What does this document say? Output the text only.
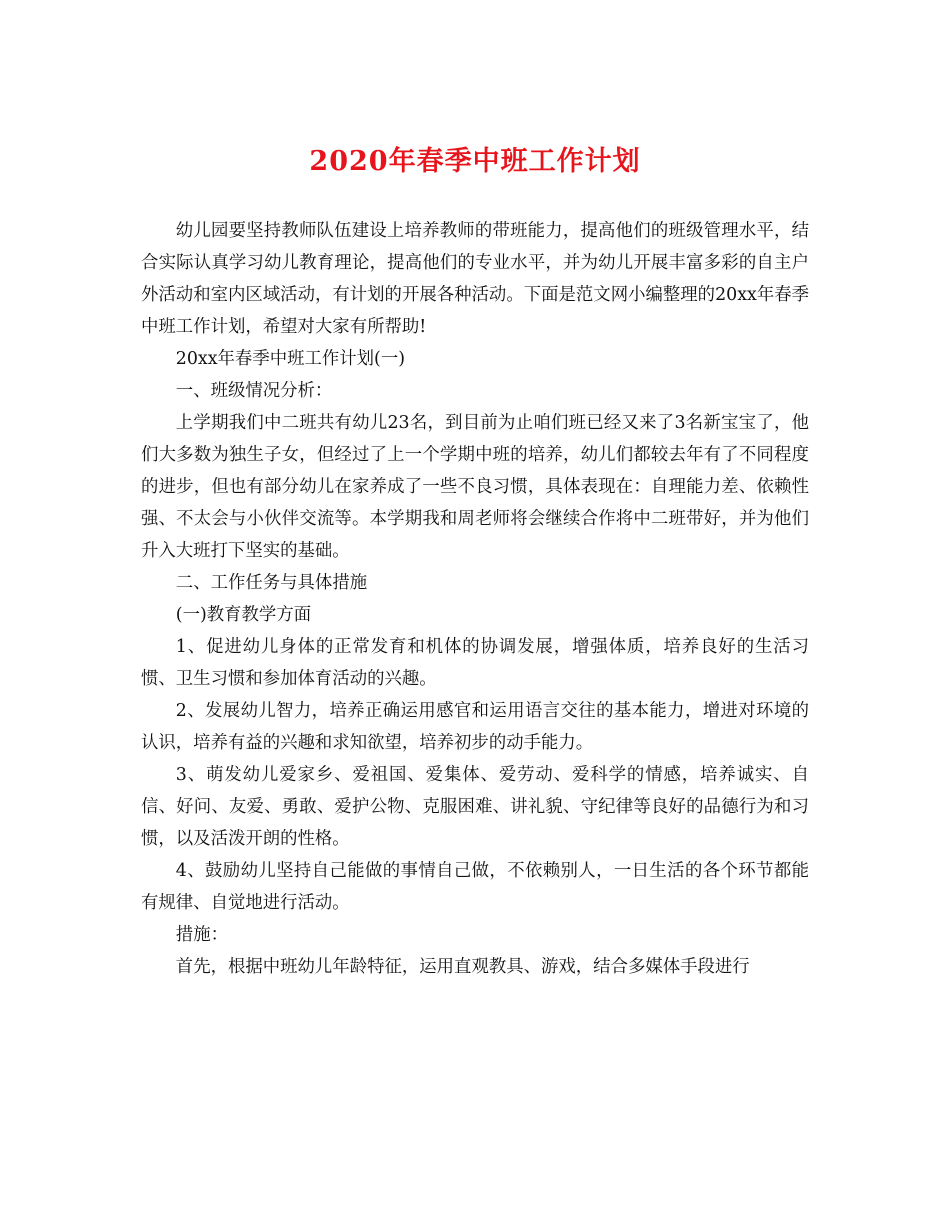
2020年春季中班工作计划

幼儿园要坚持教师队伍建设上培养教师的带班能力，提高他们的班级管理水平，结合实际认真学习幼儿教育理论，提高他们的专业水平，并为幼儿开展丰富多彩的自主户外活动和室内区域活动，有计划的开展各种活动。下面是范文网小编整理的20xx年春季中班工作计划，希望对大家有所帮助!

20xx年春季中班工作计划(一)

一、班级情况分析：

上学期我们中二班共有幼儿23名，到目前为止咱们班已经又来了3名新宝宝了，他们大多数为独生子女，但经过了上一个学期中班的培养，幼儿们都较去年有了不同程度的进步，但也有部分幼儿在家养成了一些不良习惯，具体表现在：自理能力差、依赖性强、不太会与小伙伴交流等。本学期我和周老师将会继续合作将中二班带好，并为他们升入大班打下坚实的基础。

二、工作任务与具体措施

(一)教育教学方面

1、促进幼儿身体的正常发育和机体的协调发展，增强体质，培养良好的生活习惯、卫生习惯和参加体育活动的兴趣。

2、发展幼儿智力，培养正确运用感官和运用语言交往的基本能力，增进对环境的认识，培养有益的兴趣和求知欲望，培养初步的动手能力。

3、萌发幼儿爱家乡、爱祖国、爱集体、爱劳动、爱科学的情感，培养诚实、自信、好问、友爱、勇敢、爱护公物、克服困难、讲礼貌、守纪律等良好的品德行为和习惯，以及活泼开朗的性格。

4、鼓励幼儿坚持自己能做的事情自己做，不依赖别人，一日生活的各个环节都能有规律、自觉地进行活动。

措施：

首先，根据中班幼儿年龄特征，运用直观教具、游戏，结合多媒体手段进行
